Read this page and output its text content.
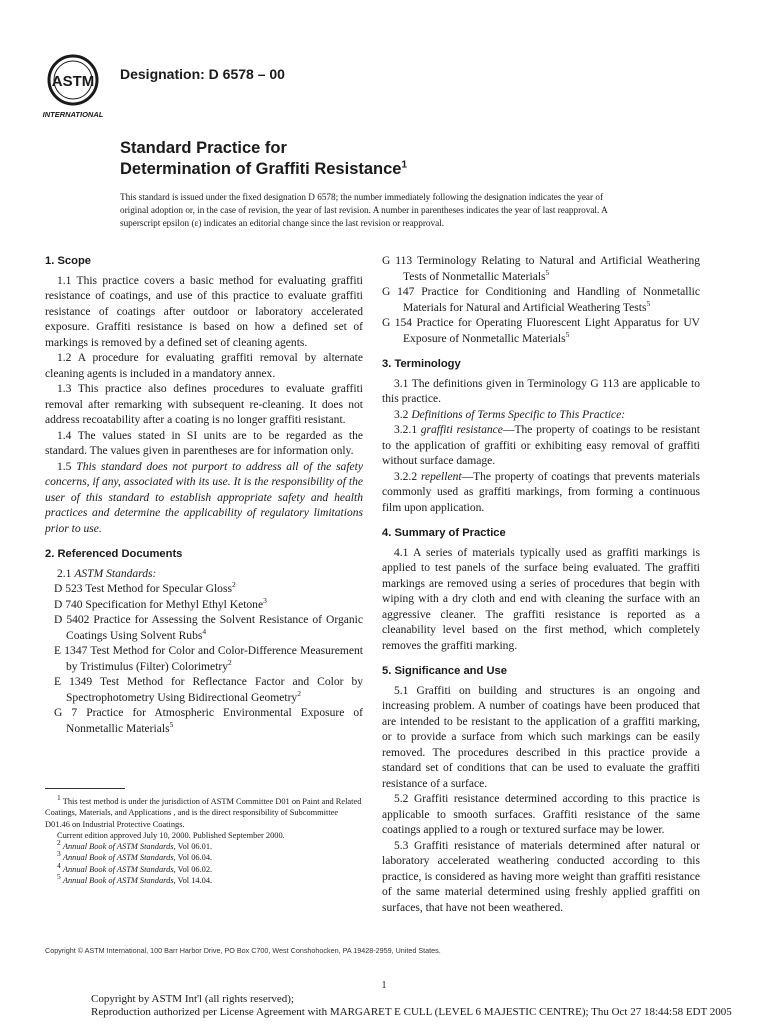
ASTM
INTERNATIONAL
Designation: D 6578 – 00
Standard Practice for
Determination of Graffiti Resistance$^1$
This standard is issued under the fixed designation D 6578; the number immediately following the designation indicates the year of
original adoption or, in the case of revision, the year of last revision. A number in parentheses indicates the year of last reapproval. A
superscript epsilon (ε) indicates an editorial change since the last revision or reapproval.
1. Scope

1.1 This practice covers a basic method for evaluating graffiti resistance of coatings, and use of this practice to evaluate graffiti resistance of coatings after outdoor or laboratory accelerated exposure. Graffiti resistance is based on how a defined set of markings is removed by a defined set of cleaning agents.

1.2 A procedure for evaluating graffiti removal by alternate cleaning agents is included in a mandatory annex.

1.3 This practice also defines procedures to evaluate graffiti removal after remarking with subsequent re-cleaning. It does not address recoatability after a coating is no longer graffiti resistant.

1.4 The values stated in SI units are to be regarded as the standard. The values given in parentheses are for information only.

1.5 This standard does not purport to address all of the safety concerns, if any, associated with its use. It is the responsibility of the user of this standard to establish appropriate safety and health practices and determine the applicability of regulatory limitations prior to use.

2. Referenced Documents

2.1 ASTM Standards:

D 523 Test Method for Specular Gloss$^2$

D 740 Specification for Methyl Ethyl Ketone$^3$

D 5402 Practice for Assessing the Solvent Resistance of Organic Coatings Using Solvent Rubs$^4$

E 1347 Test Method for Color and Color-Difference Measurement by Tristimulus (Filter) Colorimetry$^2$

E 1349 Test Method for Reflectance Factor and Color by Spectrophotometry Using Bidirectional Geometry$^2$

G 7 Practice for Atmospheric Environmental Exposure of Nonmetallic Materials$^5$

G 113 Terminology Relating to Natural and Artificial Weathering Tests of Nonmetallic Materials$^5$

G 147 Practice for Conditioning and Handling of Nonmetallic Materials for Natural and Artificial Weathering Tests$^5$

G 154 Practice for Operating Fluorescent Light Apparatus for UV Exposure of Nonmetallic Materials$^5$

3. Terminology

3.1 The definitions given in Terminology G 113 are applicable to this practice.

3.2 Definitions of Terms Specific to This Practice:

3.2.1 graffiti resistance—The property of coatings to be resistant to the application of graffiti or exhibiting easy removal of graffiti without surface damage.

3.2.2 repellent—The property of coatings that prevents materials commonly used as graffiti markings, from forming a continuous film upon application.

4. Summary of Practice

4.1 A series of materials typically used as graffiti markings is applied to test panels of the surface being evaluated. The graffiti markings are removed using a series of procedures that begin with wiping with a dry cloth and end with cleaning the surface with an aggressive cleaner. The graffiti resistance is reported as a cleanability level based on the first method, which completely removes the graffiti marking.

5. Significance and Use

5.1 Graffiti on building and structures is an ongoing and increasing problem. A number of coatings have been produced that are intended to be resistant to the application of a graffiti marking, or to provide a surface from which such markings can be easily removed. The procedures described in this practice provide a standard set of conditions that can be used to evaluate the graffiti resistance of a surface.

5.2 Graffiti resistance determined according to this practice is applicable to smooth surfaces. Graffiti resistance of the same coatings applied to a rough or textured surface may be lower.

5.3 Graffiti resistance of materials determined after natural or laboratory accelerated weathering conducted according to this practice, is considered as having more weight than graffiti resistance of the same material determined using freshly applied graffiti on surfaces, that have not been weathered.

$^1$ This test method is under the jurisdiction of ASTM Committee D01 on Paint and Related Coatings, Materials, and Applications , and is the direct responsibility of Subcommittee D01.46 on Industrial Protective Coatings.

Current edition approved July 10, 2000. Published September 2000.

$^2$ Annual Book of ASTM Standards, Vol 06.01.

$^3$ Annual Book of ASTM Standards, Vol 06.04.

$^4$ Annual Book of ASTM Standards, Vol 06.02.

$^5$ Annual Book of ASTM Standards, Vol 14.04.

Copyright © ASTM International, 100 Barr Harbor Drive, PO Box C700, West Conshohocken, PA 19428-2959, United States.
1
Copyright by ASTM Int'l (all rights reserved);
Reproduction authorized per License Agreement with MARGARET E CULL (LEVEL 6 MAJESTIC CENTRE); Thu Oct 27 18:44:58 EDT 2005
